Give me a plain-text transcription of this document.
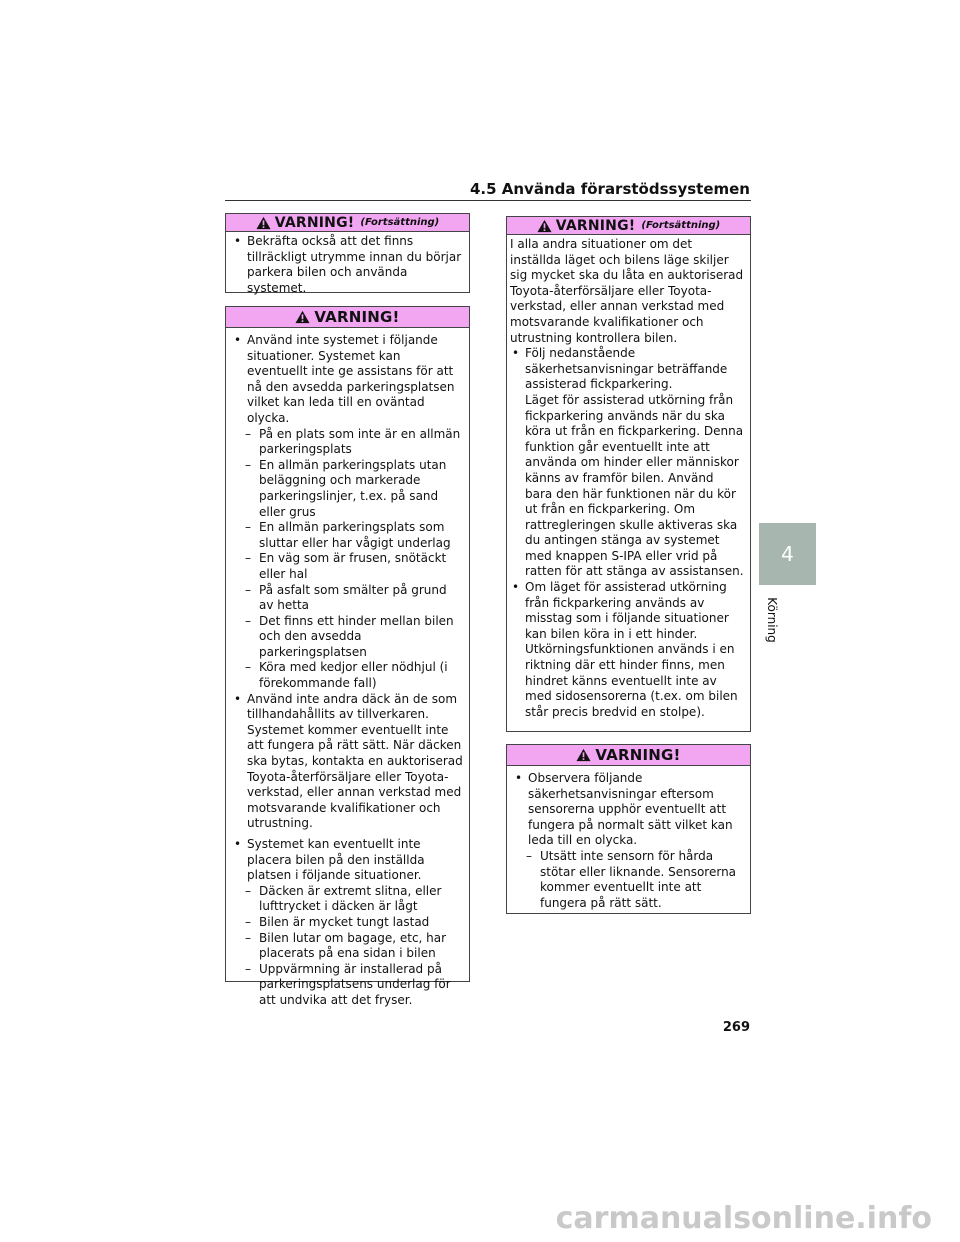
4.5 Använda förarstödssystemen
VARNING! (Fortsättning)
• Bekräfta också att det finns tillräckligt utrymme innan du börjar parkera bilen och använda systemet.
VARNING!
• Använd inte systemet i följande situationer. Systemet kan eventuellt inte ge assistans för att nå den avsedda parkeringsplatsen vilket kan leda till en oväntad olycka.
– På en plats som inte är en allmän parkeringsplats
– En allmän parkeringsplats utan beläggning och markerade parkeringslinjer, t.ex. på sand eller grus
– En allmän parkeringsplats som sluttar eller har vågigt underlag
– En väg som är frusen, snötäckt eller hal
– På asfalt som smälter på grund av hetta
– Det finns ett hinder mellan bilen och den avsedda parkeringsplatsen
– Köra med kedjor eller nödhjul (i förekommande fall)
• Använd inte andra däck än de som tillhandahållits av tillverkaren. Systemet kommer eventuellt inte att fungera på rätt sätt. När däcken ska bytas, kontakta en auktoriserad Toyota-återförsäljare eller Toyota-verkstad, eller annan verkstad med motsvarande kvalifikationer och utrustning.
• Systemet kan eventuellt inte placera bilen på den inställda platsen i följande situationer.
– Däcken är extremt slitna, eller lufttrycket i däcken är lågt
– Bilen är mycket tungt lastad
– Bilen lutar om bagage, etc, har placerats på ena sidan i bilen
– Uppvärmning är installerad på parkeringsplatsens underlag för att undvika att det fryser.
VARNING! (Fortsättning)
I alla andra situationer om det inställda läget och bilens läge skiljer sig mycket ska du låta en auktoriserad Toyota-återförsäljare eller Toyota-verkstad, eller annan verkstad med motsvarande kvalifikationer och utrustning kontrollera bilen.
• Följ nedanstående säkerhetsanvisningar beträffande assisterad fickparkering.
Läget för assisterad utkörning från fickparkering används när du ska köra ut från en fickparkering. Denna funktion går eventuellt inte att använda om hinder eller människor känns av framför bilen. Använd bara den här funktionen när du kör ut från en fickparkering. Om rattregleringen skulle aktiveras ska du antingen stänga av systemet med knappen S-IPA eller vrid på ratten för att stänga av assistansen.
• Om läget för assisterad utkörning från fickparkering används av misstag som i följande situationer kan bilen köra in i ett hinder.
Utkörningsfunktionen används i en riktning där ett hinder finns, men hindret känns eventuellt inte av med sidosensorerna (t.ex. om bilen står precis bredvid en stolpe).
VARNING!
• Observera följande säkerhetsanvisningar eftersom sensorerna upphör eventuellt att fungera på normalt sätt vilket kan leda till en olycka.
– Utsätt inte sensorn för hårda stötar eller liknande. Sensorerna kommer eventuellt inte att fungera på rätt sätt.
4
Körning
269
carmanualsonline.info
